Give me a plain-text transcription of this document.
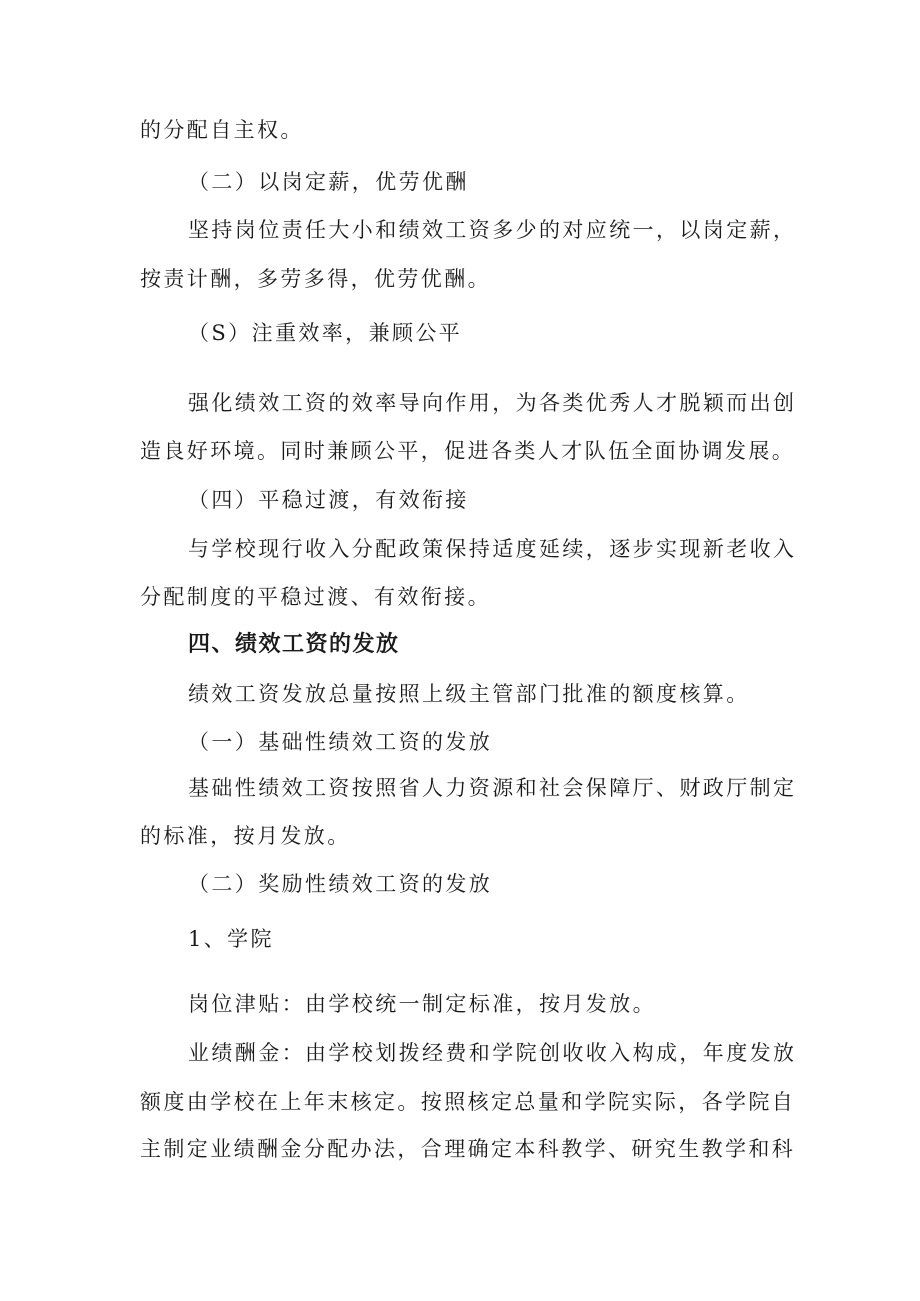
的分配自主权。
（二）以岗定薪，优劳优酬
坚持岗位责任大小和绩效工资多少的对应统一，以岗定薪，
按责计酬，多劳多得，优劳优酬。
（S）注重效率，兼顾公平
强化绩效工资的效率导向作用，为各类优秀人才脱颖而出创
造良好环境。同时兼顾公平，促进各类人才队伍全面协调发展。
（四）平稳过渡，有效衔接
与学校现行收入分配政策保持适度延续，逐步实现新老收入
分配制度的平稳过渡、有效衔接。
四、绩效工资的发放
绩效工资发放总量按照上级主管部门批准的额度核算。
（一）基础性绩效工资的发放
基础性绩效工资按照省人力资源和社会保障厅、财政厅制定
的标准，按月发放。
（二）奖励性绩效工资的发放
1、学院
岗位津贴：由学校统一制定标准，按月发放。
业绩酬金：由学校划拨经费和学院创收收入构成，年度发放
额度由学校在上年末核定。按照核定总量和学院实际，各学院自
主制定业绩酬金分配办法，合理确定本科教学、研究生教学和科
